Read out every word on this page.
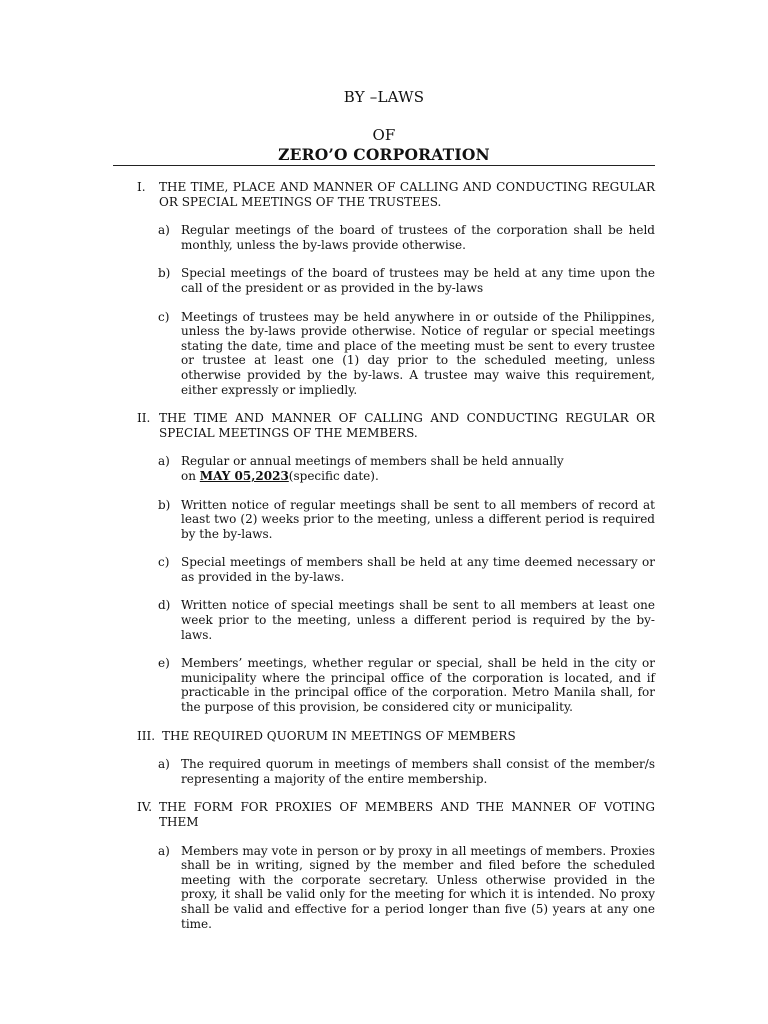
BY –LAWS
OF
ZERO’O CORPORATION
I. THE TIME, PLACE AND MANNER OF CALLING AND CONDUCTING REGULAR OR SPECIAL MEETINGS OF THE TRUSTEES.
a) Regular meetings of the board of trustees of the corporation shall be held monthly, unless the by-laws provide otherwise.
b) Special meetings of the board of trustees may be held at any time upon the call of the president or as provided in the by-laws
c) Meetings of trustees may be held anywhere in or outside of the Philippines, unless the by-laws provide otherwise. Notice of regular or special meetings stating the date, time and place of the meeting must be sent to every trustee or trustee at least one (1) day prior to the scheduled meeting, unless otherwise provided by the by-laws. A trustee may waive this requirement, either expressly or impliedly.
II. THE TIME AND MANNER OF CALLING AND CONDUCTING REGULAR OR SPECIAL MEETINGS OF THE MEMBERS.
a) Regular or annual meetings of members shall be held annually
on MAY 05,2023(specific date).
b) Written notice of regular meetings shall be sent to all members of record at least two (2) weeks prior to the meeting, unless a different period is required by the by-laws.
c) Special meetings of members shall be held at any time deemed necessary or as provided in the by-laws.
d) Written notice of special meetings shall be sent to all members at least one week prior to the meeting, unless a different period is required by the by-laws.
e) Members’ meetings, whether regular or special, shall be held in the city or municipality where the principal office of the corporation is located, and if practicable in the principal office of the corporation. Metro Manila shall, for the purpose of this provision, be considered city or municipality.
III. THE REQUIRED QUORUM IN MEETINGS OF MEMBERS
a) The required quorum in meetings of members shall consist of the member/s representing a majority of the entire membership.
IV. THE FORM FOR PROXIES OF MEMBERS AND THE MANNER OF VOTING THEM
a) Members may vote in person or by proxy in all meetings of members. Proxies shall be in writing, signed by the member and filed before the scheduled meeting with the corporate secretary. Unless otherwise provided in the proxy, it shall be valid only for the meeting for which it is intended. No proxy shall be valid and effective for a period longer than five (5) years at any one time.
